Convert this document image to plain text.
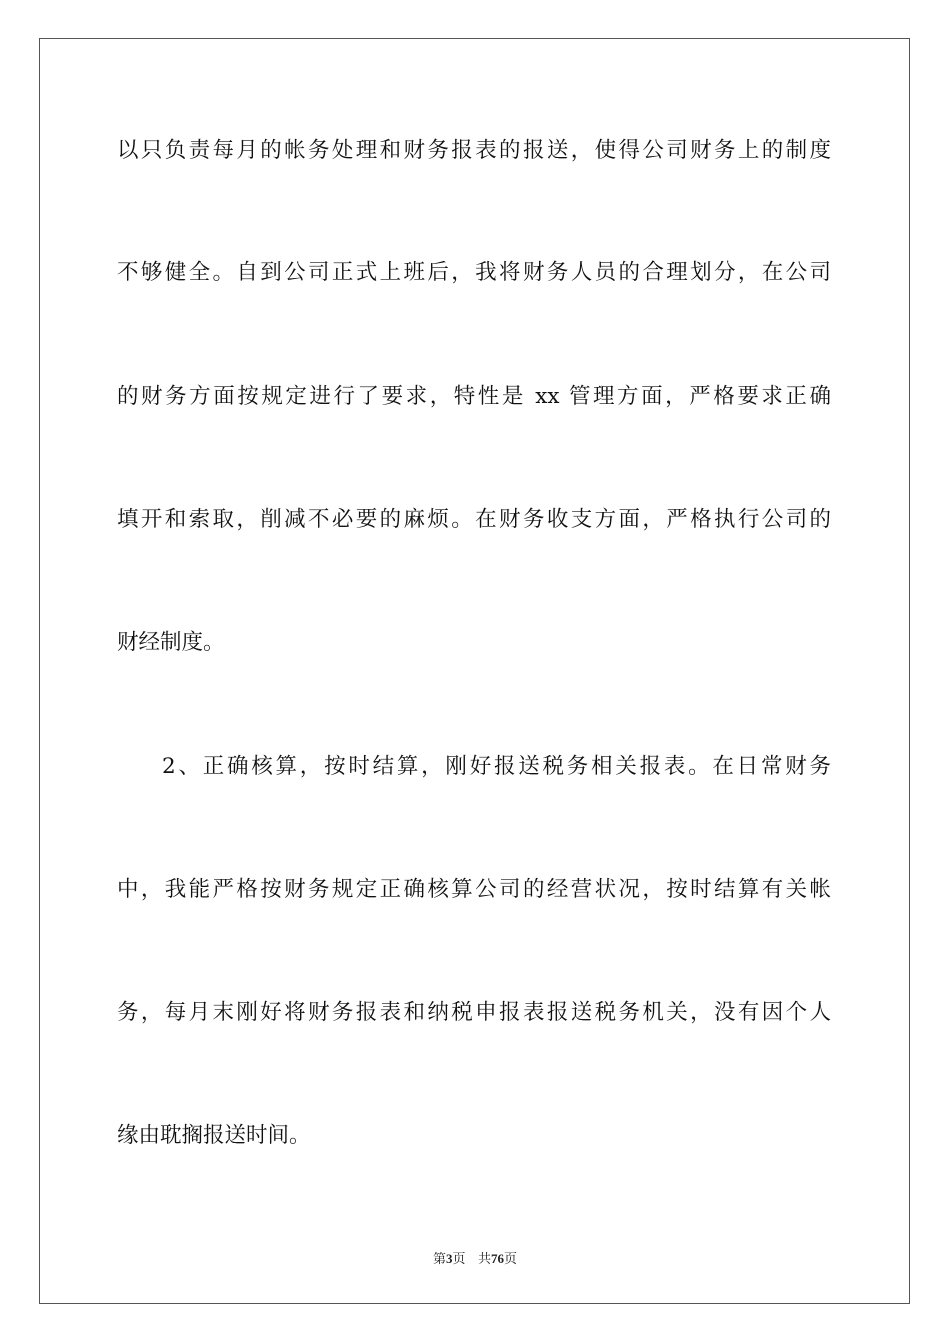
以只负责每月的帐务处理和财务报表的报送，使得公司财务上的制度

不够健全。自到公司正式上班后，我将财务人员的合理划分，在公司

的财务方面按规定进行了要求，特性是 xx 管理方面，严格要求正确

填开和索取，削减不必要的麻烦。在财务收支方面，严格执行公司的

财经制度。

2、正确核算，按时结算，刚好报送税务相关报表。在日常财务

中，我能严格按财务规定正确核算公司的经营状况，按时结算有关帐

务，每月末刚好将财务报表和纳税申报表报送税务机关，没有因个人

缘由耽搁报送时间。

第3页 共76页
